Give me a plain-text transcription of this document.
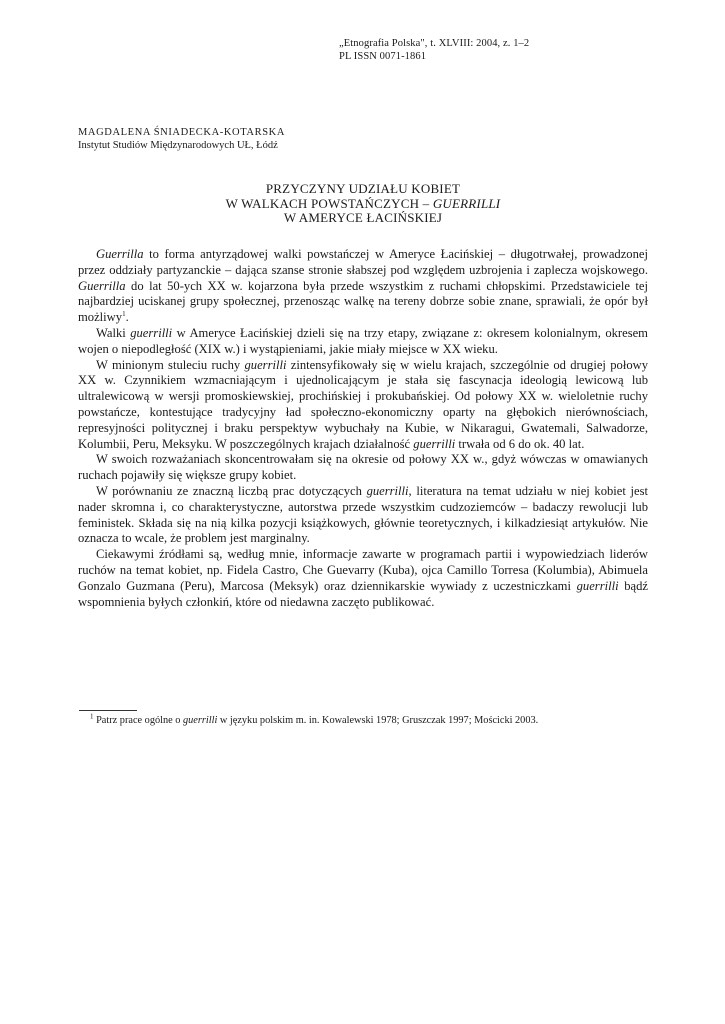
„Etnografia Polska", t. XLVIII: 2004, z. 1–2
PL ISSN 0071-1861
MAGDALENA ŚNIADECKA-KOTARSKA
Instytut Studiów Międzynarodowych UŁ, Łódź
PRZYCZYNY UDZIAŁU KOBIET
W WALKACH POWSTAŃCZYCH – GUERRILLI
W AMERYCE ŁACIŃSKIEJ

Guerrilla to forma antyrządowej walki powstańczej w Ameryce Łacińskiej – długotrwałej, prowadzonej przez oddziały partyzanckie – dająca szanse stronie słabszej pod względem uzbrojenia i zaplecza wojskowego. Guerrilla do lat 50-ych XX w. kojarzona była przede wszystkim z ruchami chłopskimi. Przedstawiciele tej najbardziej uciskanej grupy społecznej, przenosząc walkę na tereny dobrze sobie znane, sprawiali, że opór był możliwy$^1$.

Walki guerrilli w Ameryce Łacińskiej dzieli się na trzy etapy, związane z: okresem kolonialnym, okresem wojen o niepodległość (XIX w.) i wystąpieniami, jakie miały miejsce w XX wieku.

W minionym stuleciu ruchy guerrilli zintensyfikowały się w wielu krajach, szczególnie od drugiej połowy XX w. Czynnikiem wzmacniającym i ujednolicającym je stała się fascynacja ideologią lewicową lub ultralewicową w wersji promoskiewskiej, prochińskiej i prokubańskiej. Od połowy XX w. wieloletnie ruchy powstańcze, kontestujące tradycyjny ład społeczno-ekonomiczny oparty na głębokich nierównościach, represyjności politycznej i braku perspektyw wybuchały na Kubie, w Nikaragui, Gwatemali, Salwadorze, Kolumbii, Peru, Meksyku. W poszczególnych krajach działalność guerrilli trwała od 6 do ok. 40 lat.

W swoich rozważaniach skoncentrowałam się na okresie od połowy XX w., gdyż wówczas w omawianych ruchach pojawiły się większe grupy kobiet.

W porównaniu ze znaczną liczbą prac dotyczących guerrilli, literatura na temat udziału w niej kobiet jest nader skromna i, co charakterystyczne, autorstwa przede wszystkim cudzoziemców – badaczy rewolucji lub feministek. Składa się na nią kilka pozycji książkowych, głównie teoretycznych, i kilkadziesiąt artykułów. Nie oznacza to wcale, że problem jest marginalny.

Ciekawymi źródłami są, według mnie, informacje zawarte w programach partii i wypowiedziach liderów ruchów na temat kobiet, np. Fidela Castro, Che Guevarry (Kuba), ojca Camillo Torresa (Kolumbia), Abimuela Gonzalo Guzmana (Peru), Marcosa (Meksyk) oraz dziennikarskie wywiady z uczestniczkami guerrilli bądź wspomnienia byłych członkiń, które od niedawna zaczęto publikować.

$^1$ Patrz prace ogólne o guerrilli w języku polskim m. in. Kowalewski 1978; Gruszczak 1997; Mościcki 2003.
